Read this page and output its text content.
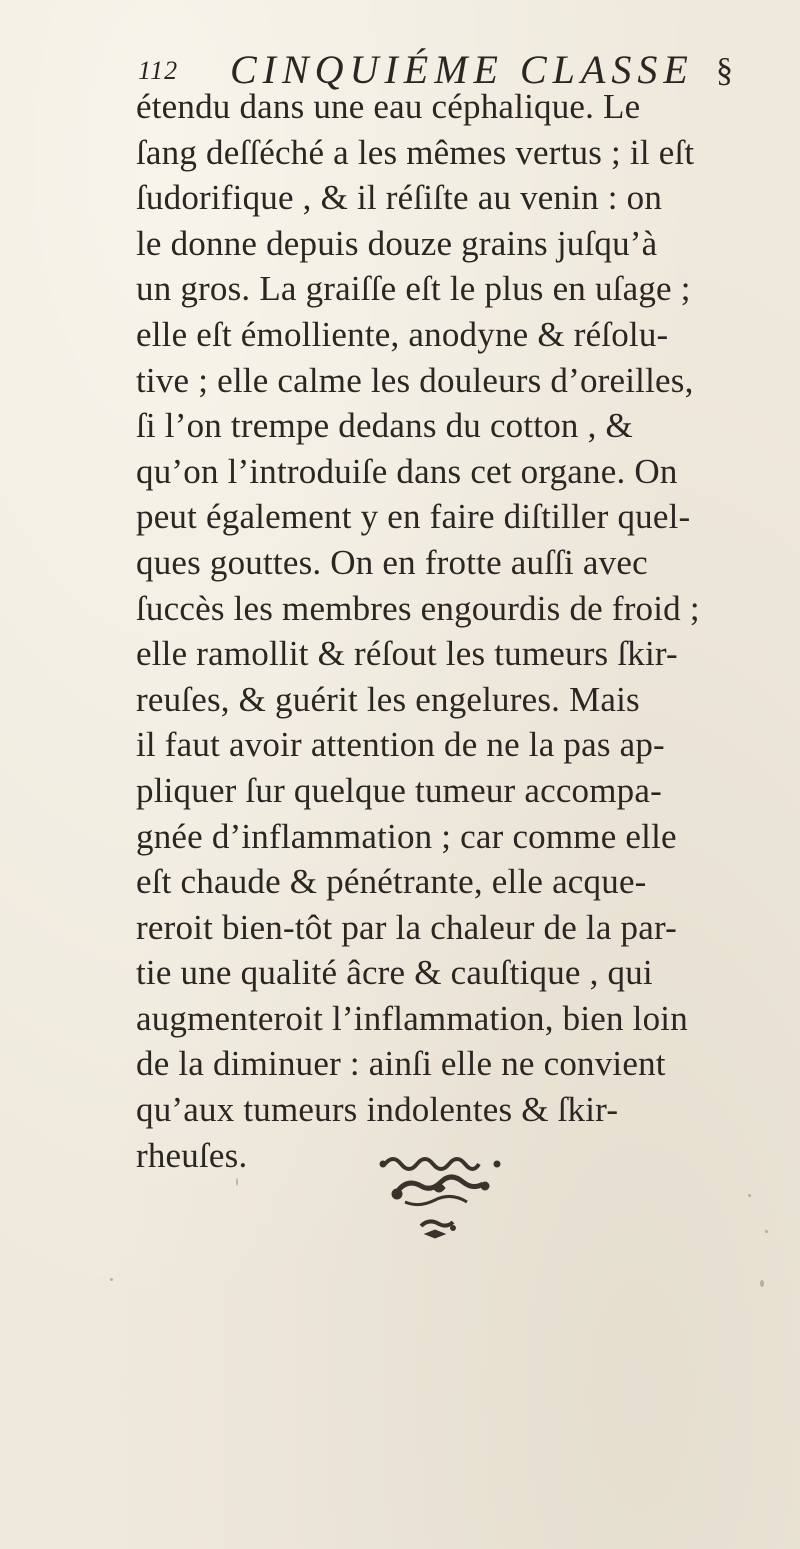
112 CINQUIÉME CLASSE §
étendu dans une eau céphalique. Le
ſang deſſéché a les mêmes vertus ; il eſt
ſudorifique , & il réſiſte au venin : on
le donne depuis douze grains juſqu’à
un gros. La graiſſe eſt le plus en uſage ;
elle eſt émolliente, anodyne & réſolu-
tive ; elle calme les douleurs d’oreilles,
ſi l’on trempe dedans du cotton , &
qu’on l’introduiſe dans cet organe. On
peut également y en faire diſtiller quel-
ques gouttes. On en frotte auſſi avec
ſuccès les membres engourdis de froid ;
elle ramollit & réſout les tumeurs ſkir-
reuſes, & guérit les engelures. Mais
il faut avoir attention de ne la pas ap-
pliquer ſur quelque tumeur accompa-
gnée d’inflammation ; car comme elle
eſt chaude & pénétrante, elle acque-
reroit bien-tôt par la chaleur de la par-
tie une qualité âcre & cauſtique , qui
augmenteroit l’inflammation, bien loin
de la diminuer : ainſi elle ne convient
qu’aux tumeurs indolentes & ſkir-
rheuſes.
